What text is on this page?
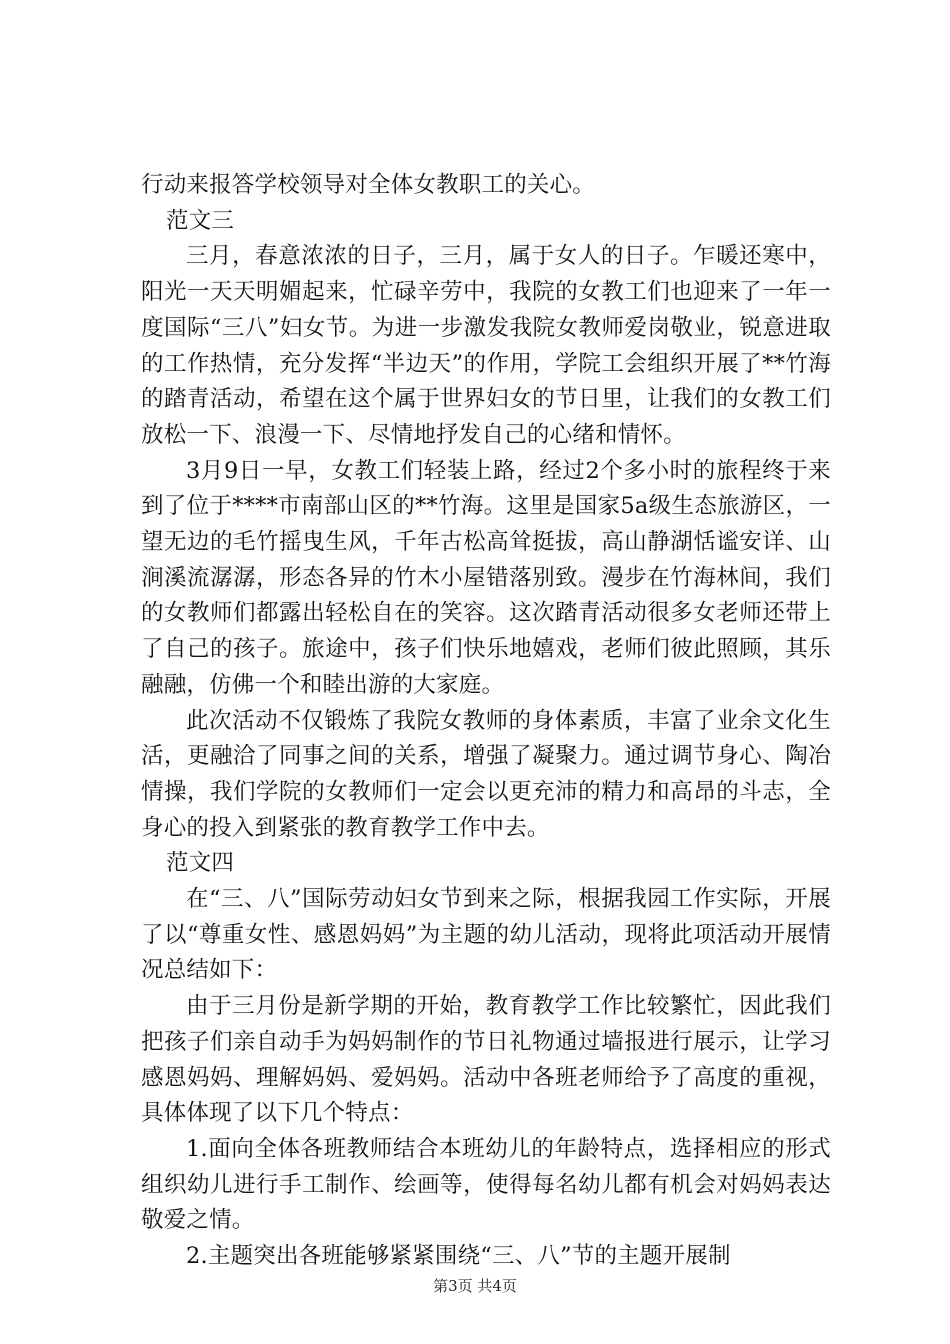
行动来报答学校领导对全体女教职工的关心。

范文三

三月，春意浓浓的日子，三月，属于女人的日子。乍暖还寒中，阳光一天天明媚起来，忙碌辛劳中，我院的女教工们也迎来了一年一度国际“三八”妇女节。为进一步激发我院女教师爱岗敬业，锐意进取的工作热情，充分发挥“半边天”的作用，学院工会组织开展了**竹海的踏青活动，希望在这个属于世界妇女的节日里，让我们的女教工们放松一下、浪漫一下、尽情地抒发自己的心绪和情怀。

3月9日一早，女教工们轻装上路，经过2个多小时的旅程终于来到了位于****市南部山区的**竹海。这里是国家5a级生态旅游区，一望无边的毛竹摇曳生风，千年古松高耸挺拔，高山静湖恬谧安详、山涧溪流潺潺，形态各异的竹木小屋错落别致。漫步在竹海林间，我们的女教师们都露出轻松自在的笑容。这次踏青活动很多女老师还带上了自己的孩子。旅途中，孩子们快乐地嬉戏，老师们彼此照顾，其乐融融，仿佛一个和睦出游的大家庭。

此次活动不仅锻炼了我院女教师的身体素质，丰富了业余文化生活，更融洽了同事之间的关系，增强了凝聚力。通过调节身心、陶冶情操，我们学院的女教师们一定会以更充沛的精力和高昂的斗志，全身心的投入到紧张的教育教学工作中去。

范文四

在“三、八”国际劳动妇女节到来之际，根据我园工作实际，开展了以“尊重女性、感恩妈妈”为主题的幼儿活动，现将此项活动开展情况总结如下：

由于三月份是新学期的开始，教育教学工作比较繁忙，因此我们把孩子们亲自动手为妈妈制作的节日礼物通过墙报进行展示，让学习感恩妈妈、理解妈妈、爱妈妈。活动中各班老师给予了高度的重视，具体体现了以下几个特点：

1.面向全体各班教师结合本班幼儿的年龄特点，选择相应的形式组织幼儿进行手工制作、绘画等，使得每名幼儿都有机会对妈妈表达敬爱之情。

2.主题突出各班能够紧紧围绕“三、八”节的主题开展制

第3页 共4页
